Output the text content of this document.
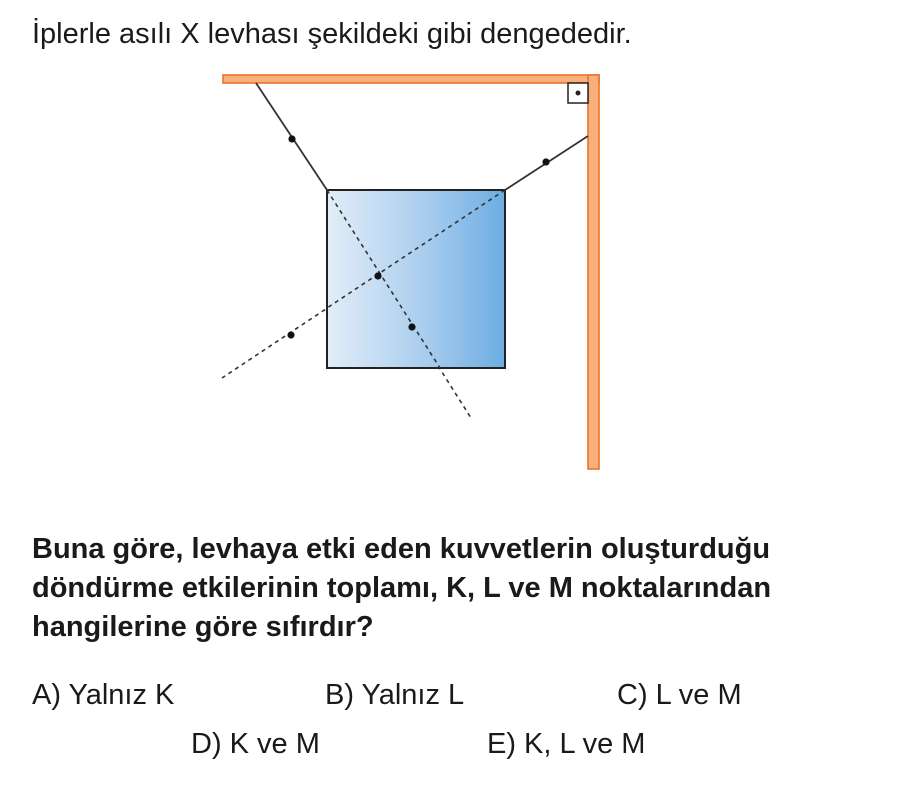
İplerle asılı X levhası şekildeki gibi dengededir.
Buna göre, levhaya etki eden kuvvetlerin oluşturduğu
döndürme etkilerinin toplamı, K, L ve M noktalarından
hangilerine göre sıfırdır?
A) Yalnız K	B) Yalnız L	C) L ve M
D) K ve M	E) K, L ve M
